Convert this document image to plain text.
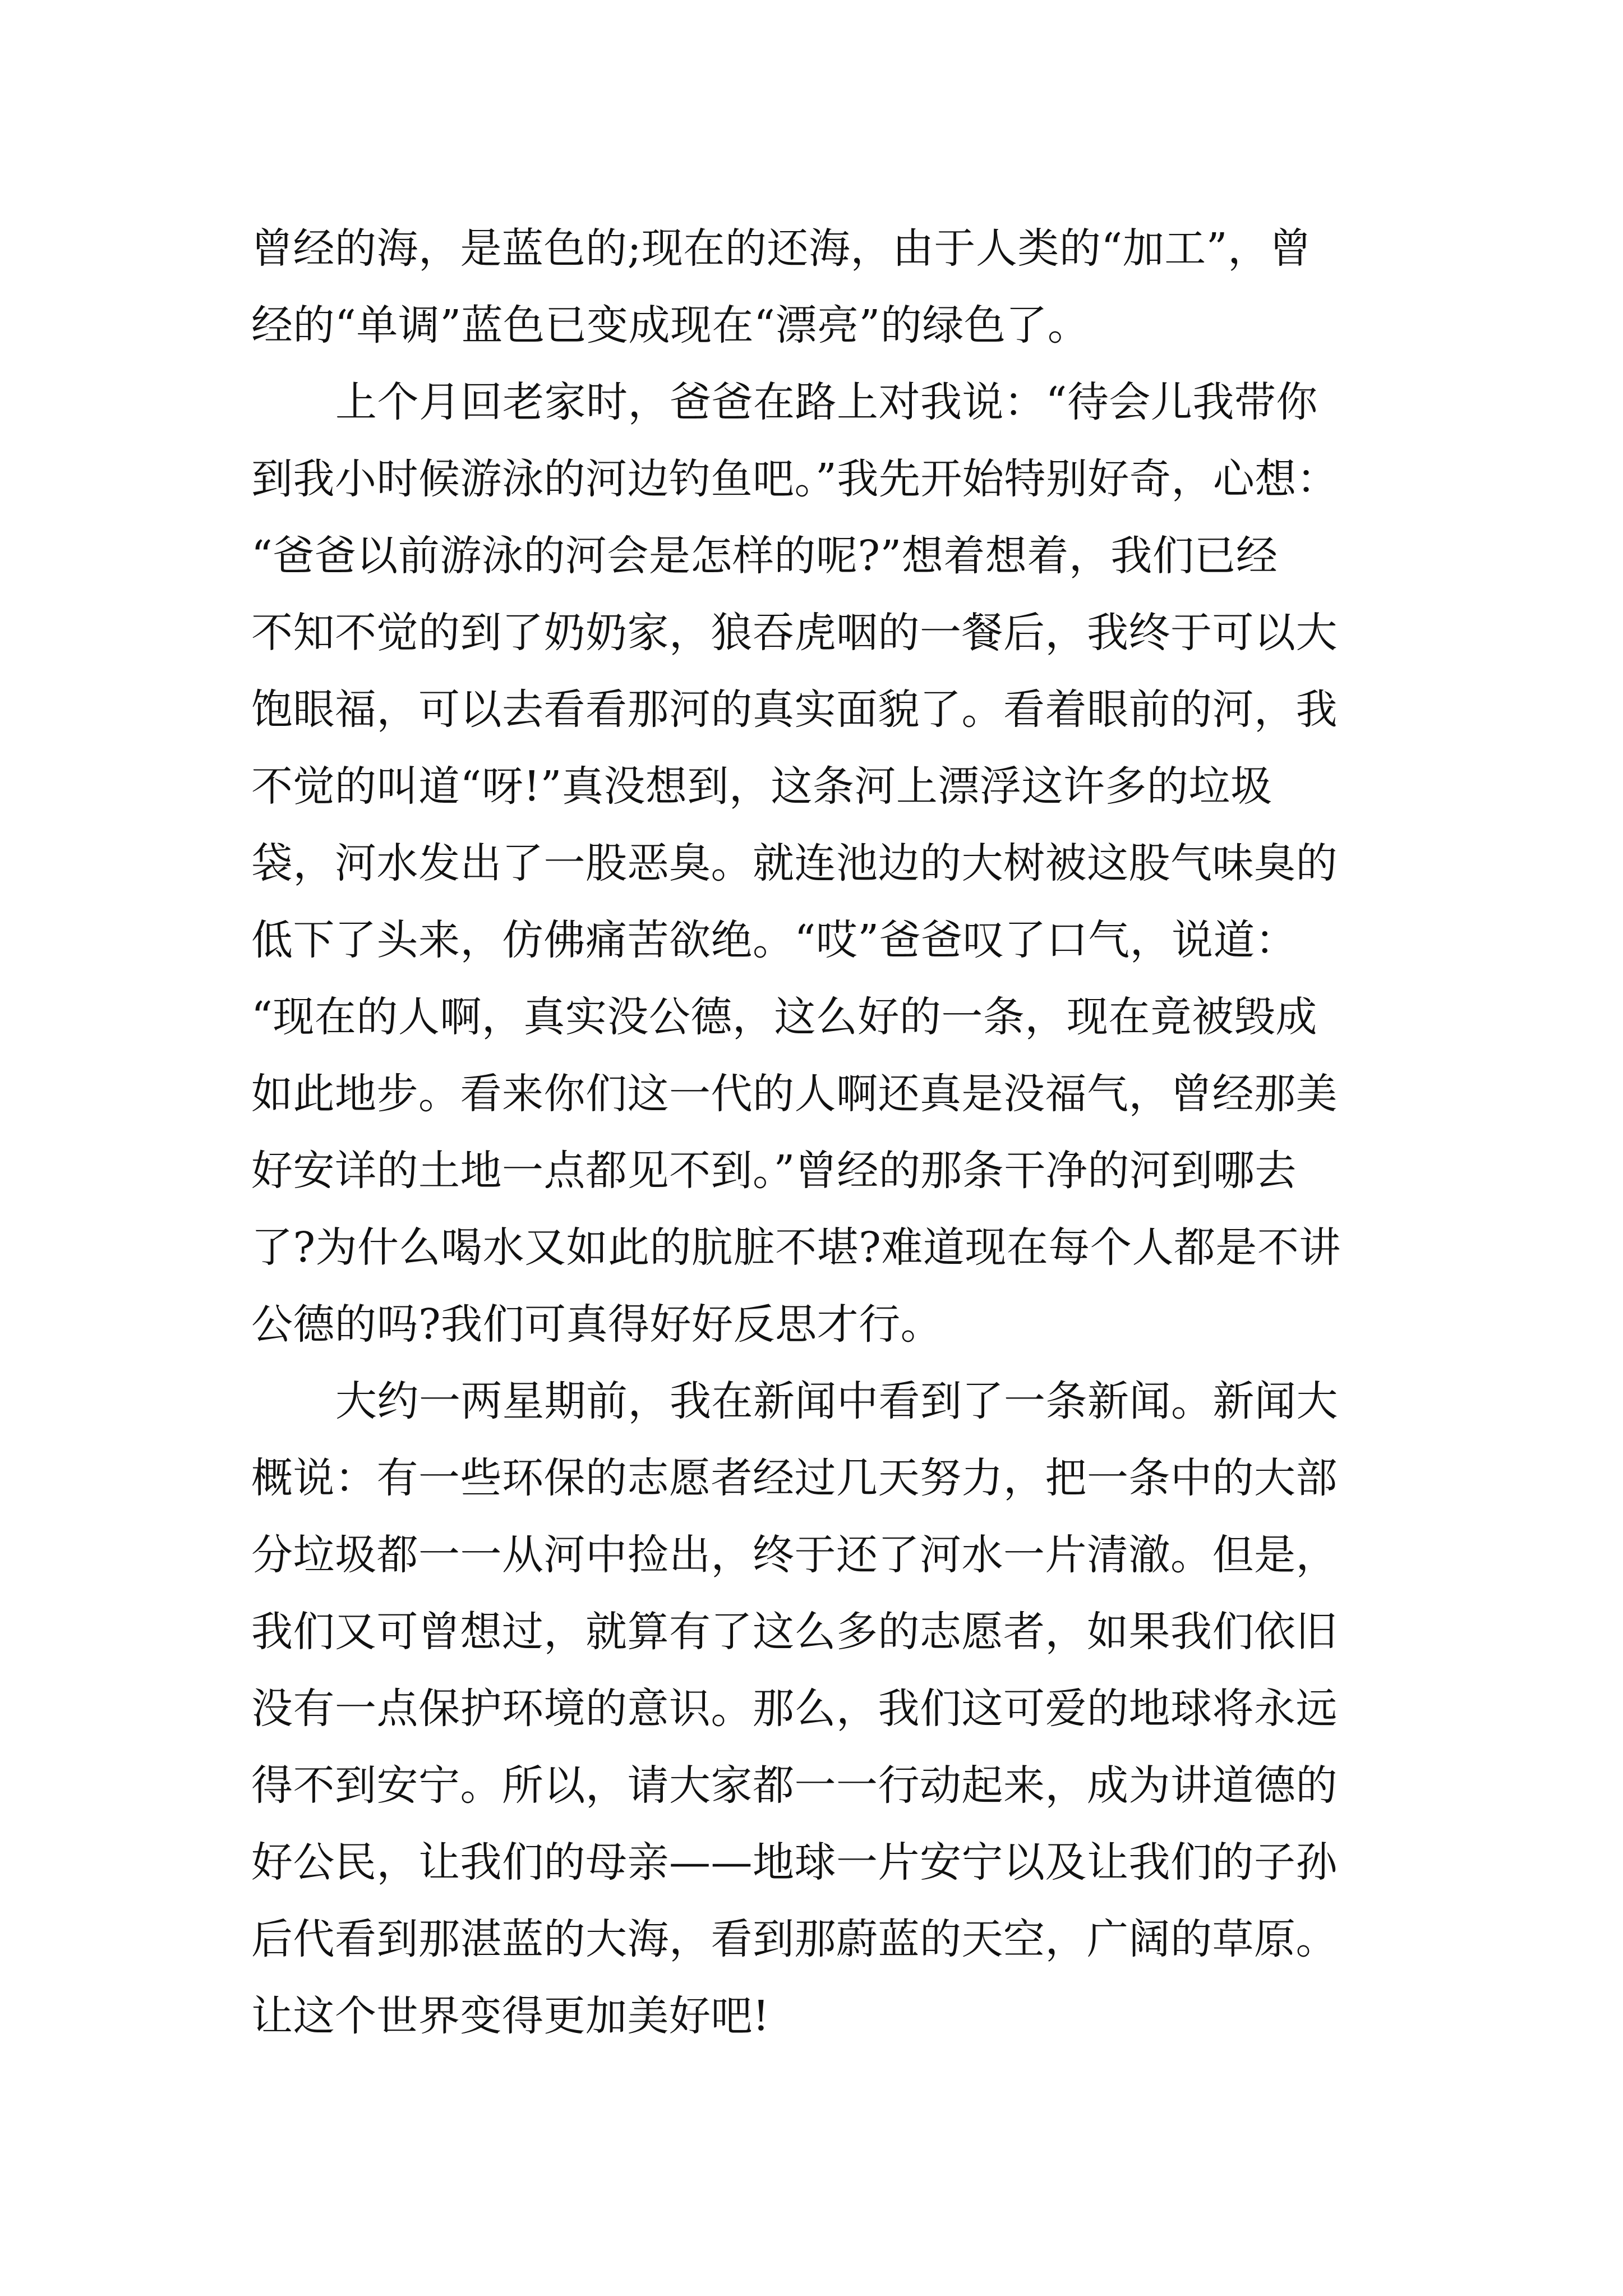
曾经的海，是蓝色的;现在的还海，由于人类的“加工”，曾
经的“单调”蓝色已变成现在“漂亮”的绿色了。
上个月回老家时，爸爸在路上对我说：“待会儿我带你
到我小时候游泳的河边钓鱼吧。”我先开始特别好奇，心想：
“爸爸以前游泳的河会是怎样的呢?”想着想着，我们已经
不知不觉的到了奶奶家，狼吞虎咽的一餐后，我终于可以大
饱眼福，可以去看看那河的真实面貌了。看着眼前的河，我
不觉的叫道“呀!”真没想到，这条河上漂浮这许多的垃圾
袋，河水发出了一股恶臭。就连池边的大树被这股气味臭的
低下了头来，仿佛痛苦欲绝。“哎”爸爸叹了口气，说道：
“现在的人啊，真实没公德，这么好的一条，现在竟被毁成
如此地步。看来你们这一代的人啊还真是没福气，曾经那美
好安详的土地一点都见不到。”曾经的那条干净的河到哪去
了?为什么喝水又如此的肮脏不堪?难道现在每个人都是不讲
公德的吗?我们可真得好好反思才行。
大约一两星期前，我在新闻中看到了一条新闻。新闻大
概说：有一些环保的志愿者经过几天努力，把一条中的大部
分垃圾都一一从河中捡出，终于还了河水一片清澈。但是，
我们又可曾想过，就算有了这么多的志愿者，如果我们依旧
没有一点保护环境的意识。那么，我们这可爱的地球将永远
得不到安宁。所以，请大家都一一行动起来，成为讲道德的
好公民，让我们的母亲——地球一片安宁以及让我们的子孙
后代看到那湛蓝的大海，看到那蔚蓝的天空，广阔的草原。
让这个世界变得更加美好吧!
